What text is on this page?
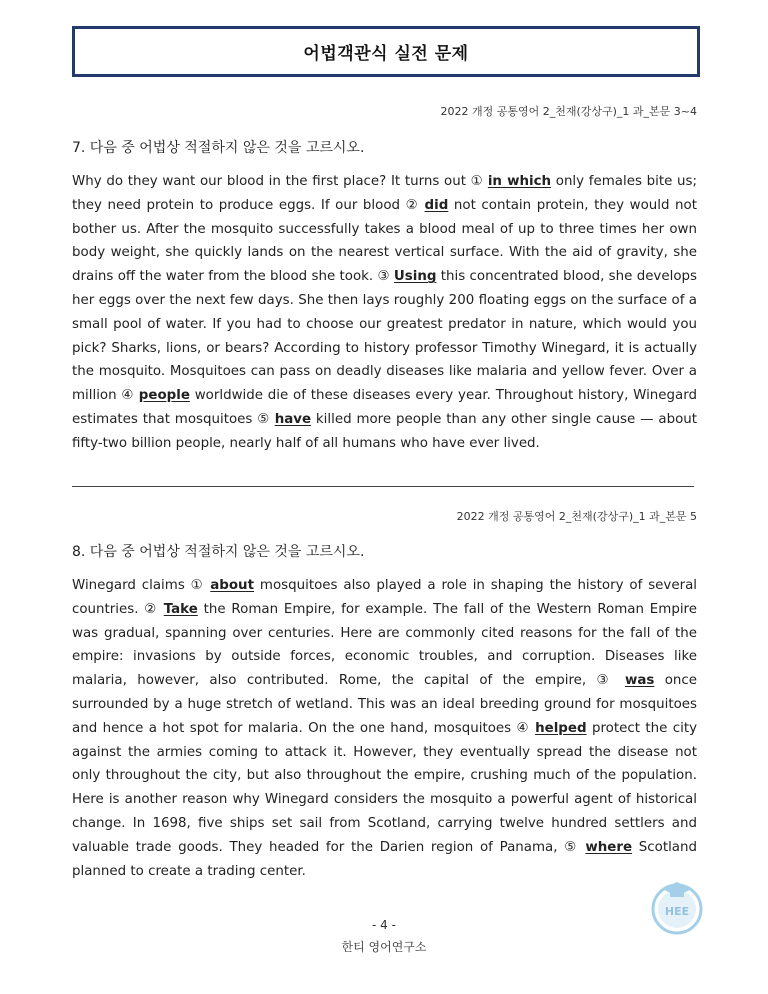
어법객관식 실전 문제
2022 개정 공통영어 2_천재(강상구)_1 과_본문 3~4
7. 다음 중 어법상 적절하지 않은 것을 고르시오.

Why do they want our blood in the first place? It turns out ① in which only females bite us; they need protein to produce eggs. If our blood ② did not contain protein, they would not bother us. After the mosquito successfully takes a blood meal of up to three times her own body weight, she quickly lands on the nearest vertical surface. With the aid of gravity, she drains off the water from the blood she took. ③ Using this concentrated blood, she develops her eggs over the next few days. She then lays roughly 200 floating eggs on the surface of a small pool of water. If you had to choose our greatest predator in nature, which would you pick? Sharks, lions, or bears? According to history professor Timothy Winegard, it is actually the mosquito. Mosquitoes can pass on deadly diseases like malaria and yellow fever. Over a million ④ people worldwide die of these diseases every year. Throughout history, Winegard estimates that mosquitoes ⑤ have killed more people than any other single cause — about fifty-two billion people, nearly half of all humans who have ever lived.

2022 개정 공통영어 2_천재(강상구)_1 과_본문 5
8. 다음 중 어법상 적절하지 않은 것을 고르시오.

Winegard claims ① about mosquitoes also played a role in shaping the history of several countries. ② Take the Roman Empire, for example. The fall of the Western Roman Empire was gradual, spanning over centuries. Here are commonly cited reasons for the fall of the empire: invasions by outside forces, economic troubles, and corruption. Diseases like malaria, however, also contributed. Rome, the capital of the empire, ③ was once surrounded by a huge stretch of wetland. This was an ideal breeding ground for mosquitoes and hence a hot spot for malaria. On the one hand, mosquitoes ④ helped protect the city against the armies coming to attack it. However, they eventually spread the disease not only throughout the city, but also throughout the empire, crushing much of the population. Here is another reason why Winegard considers the mosquito a powerful agent of historical change. In 1698, five ships set sail from Scotland, carrying twelve hundred settlers and valuable trade goods. They headed for the Darien region of Panama, ⑤ where Scotland planned to create a trading center.

- 4 -
한티 영어연구소
HEE
